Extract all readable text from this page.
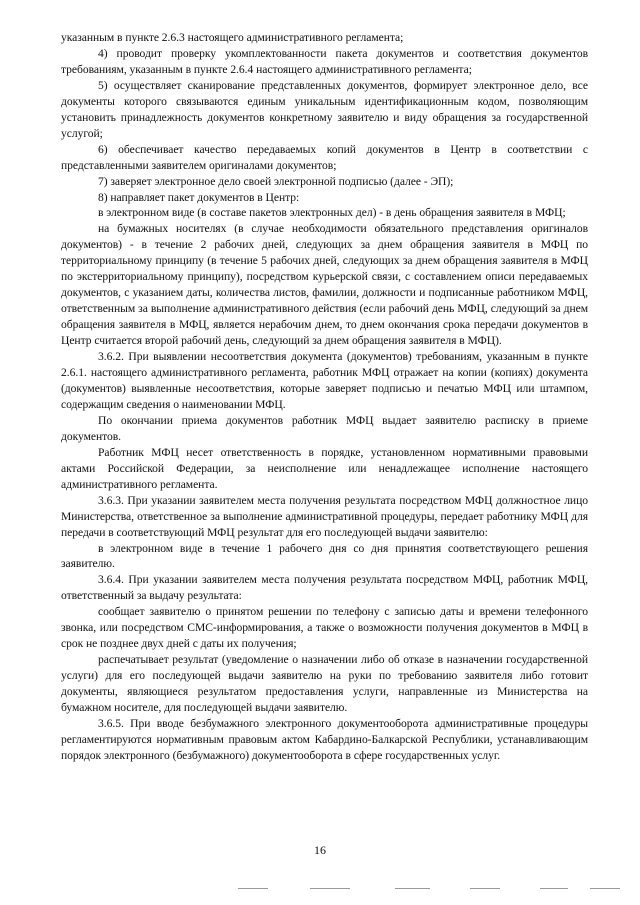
указанным в пункте 2.6.3 настоящего административного регламента;

4) проводит проверку укомплектованности пакета документов и соответствия документов требованиям, указанным в пункте 2.6.4 настоящего административного регламента;

5) осуществляет сканирование представленных документов, формирует электронное дело, все документы которого связываются единым уникальным идентификационным кодом, позволяющим установить принадлежность документов конкретному заявителю и виду обращения за государственной услугой;

6) обеспечивает качество передаваемых копий документов в Центр в соответствии с представленными заявителем оригиналами документов;

7) заверяет электронное дело своей электронной подписью (далее - ЭП);

8) направляет пакет документов в Центр:

в электронном виде (в составе пакетов электронных дел) - в день обращения заявителя в МФЦ;

на бумажных носителях (в случае необходимости обязательного представления оригиналов документов) - в течение 2 рабочих дней, следующих за днем обращения заявителя в МФЦ по территориальному принципу (в течение 5 рабочих дней, следующих за днем обращения заявителя в МФЦ по экстерриториальному принципу), посредством курьерской связи, с составлением описи передаваемых документов, с указанием даты, количества листов, фамилии, должности и подписанные работником МФЦ, ответственным за выполнение административного действия (если рабочий день МФЦ, следующий за днем обращения заявителя в МФЦ, является нерабочим днем, то днем окончания срока передачи документов в Центр считается второй рабочий день, следующий за днем обращения заявителя в МФЦ).

3.6.2. При выявлении несоответствия документа (документов) требованиям, указанным в пункте 2.6.1. настоящего административного регламента, работник МФЦ отражает на копии (копиях) документа (документов) выявленные несоответствия, которые заверяет подписью и печатью МФЦ или штампом, содержащим сведения о наименовании МФЦ.

По окончании приема документов работник МФЦ выдает заявителю расписку в приеме документов.

Работник МФЦ несет ответственность в порядке, установленном нормативными правовыми актами Российской Федерации, за неисполнение или ненадлежащее исполнение настоящего административного регламента.

3.6.3. При указании заявителем места получения результата посредством МФЦ должностное лицо Министерства, ответственное за выполнение административной процедуры, передает работнику МФЦ для передачи в соответствующий МФЦ результат для его последующей выдачи заявителю:

в электронном виде в течение 1 рабочего дня со дня принятия соответствующего решения заявителю.

3.6.4. При указании заявителем места получения результата посредством МФЦ, работник МФЦ, ответственный за выдачу результата:

сообщает заявителю о принятом решении по телефону с записью даты и времени телефонного звонка, или посредством СМС-информирования, а также о возможности получения документов в МФЦ в срок не позднее двух дней с даты их получения;

распечатывает результат (уведомление о назначении либо об отказе в назначении государственной услуги) для его последующей выдачи заявителю на руки по требованию заявителя либо готовит документы, являющиеся результатом предоставления услуги, направленные из Министерства на бумажном носителе, для последующей выдачи заявителю.

3.6.5. При вводе безбумажного электронного документооборота административные процедуры регламентируются нормативным правовым актом Кабардино-Балкарской Республики, устанавливающим порядок электронного (безбумажного) документооборота в сфере государственных услуг.

16
